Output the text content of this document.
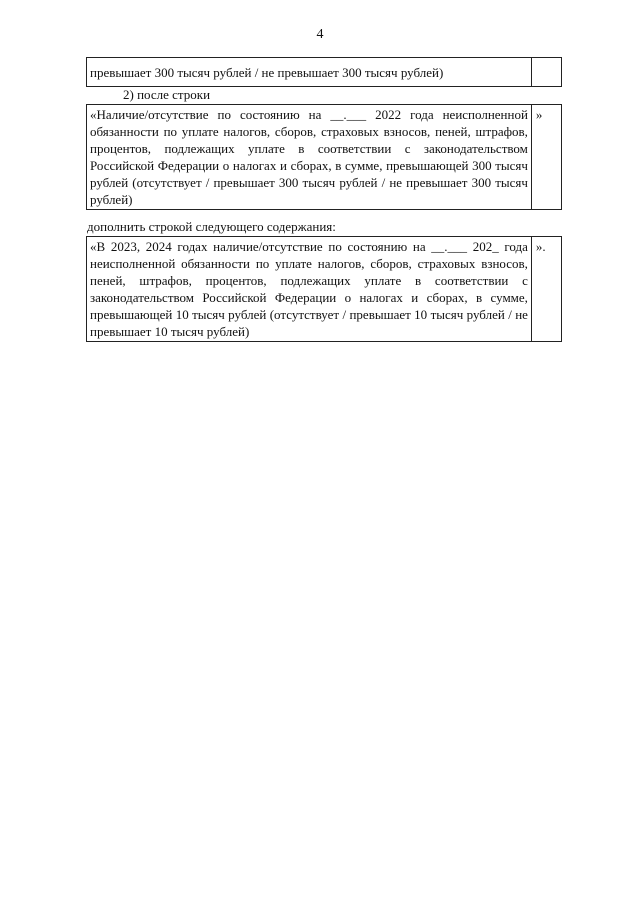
4
превышает 300 тысяч рублей / не превышает 300 тысяч рублей)	
2) после строки
«Наличие/отсутствие по состоянию на __.___ 2022 года неисполненной обязанности по уплате налогов, сборов, страховых взносов, пеней, штрафов, процентов, подлежащих уплате в соответствии с законодательством Российской Федерации о налогах и сборах, в сумме, превышающей 300 тысяч рублей (отсутствует / превышает 300 тысяч рублей / не превышает 300 тысяч рублей)	»
дополнить строкой следующего содержания:
«В 2023, 2024 годах наличие/отсутствие по состоянию на __.___ 202_ года неисполненной обязанности по уплате налогов, сборов, страховых взносов, пеней, штрафов, процентов, подлежащих уплате в соответствии с законодательством Российской Федерации о налогах и сборах, в сумме, превышающей 10 тысяч рублей (отсутствует / превышает 10 тысяч рублей / не превышает 10 тысяч рублей)	».
